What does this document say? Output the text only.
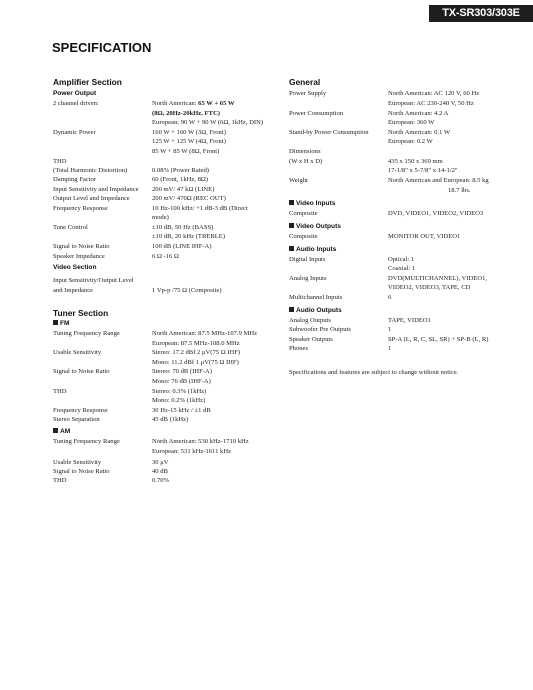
TX-SR303/303E
SPECIFICATION
Amplifier Section
Power Output
2 channel driven:	North American: 65 W + 65 W
(8Ω, 20Hz-20kHz, FTC)
European: 90 W + 90 W (6Ω, 1kHz, DIN)
Dynamic Power	160 W + 160 W (3Ω, Front)
125 W + 125 W (4Ω, Front)
85 W + 85 W (8Ω, Front)
THD
(Total Harmonic Distortion)	0.08% (Power Rated)
Damping Factor	60 (Front, 1kHz, 8Ω)
Input Sensitivity and Impedance 200 mV/ 47 kΩ (LINE)
Output Level and Impedance	200 mV/ 470Ω (REC OUT)
Frequency Response	10 Hz-100 kHz/ +1 dB-3 dB (Direct
mode)
Tone Control	±10 dB, 50 Hz (BASS)
±10 dB, 20 kHz (TREBLE)
Signal to Noise Ratio	100 dB (LINE IHF-A)
Speaker Impedance	6 Ω -16 Ω
Video Section
Input Sensitivity/Output Level
and Impedance	1 Vp-p /75 Ω (Composite)
Tuner Section
FM
Tuning Frequency Range	North American: 87.5 MHz-107.9 MHz
European: 87.5 MHz-108.0 MHz
Usable Sensitivity	Stereo: 17.2 dBf 2 μV(75 Ω IHF)
Mono: 11.2 dBf 1 μV(75 Ω IHF)
Signal to Noise Ratio	Stereo: 70 dB (IHF-A)
Mono: 76 dB (IHF-A)
THD	Stereo: 0.3% (1kHz)
Mono: 0.2% (1kHz)
Frequency Response	30 Hz-15 kHz / ±1 dB
Stereo Separation	45 dB (1kHz)
AM
Tuning Frequency Range	North American: 530 kHz-1710 kHz
European: 531 kHz-1611 kHz
Usable Sensitivity	30 μV
Signal to Noise Ratio	40 dB
THD	0.70%
General
Power Supply	North American: AC 120 V, 60 Hz
European: AC 230-240 V, 50 Hz
Power Consumption	North American: 4.2 A
European: 360 W
Stand-by Power Consumption	North American: 0.1 W
European: 0.2 W
Dimensions
(W x H x D)	435 x 150 x 369 mm
17-1/8" x 5-7/8" x 14-1/2"
Weight	North American and European: 8.5 kg
18.7 lbs.
Video Inputs
Composite	DVD, VIDEO1, VIDEO2, VIDEO3
Video Outputs
Composite	MONITOR OUT, VIDEO1
Audio Inputs
Digital Inputs	Optical: 1
Coaxial: 1
Analog Inputs	DVD(MULTICHANNEL), VIDEO1,
VIDEO2, VIDEO3, TAPE, CD
Multichannel Inputs	6
Audio Outputs
Analog Outputs	TAPE, VIDEO1
Subwoofer Pre Outputs	1
Speaker Outputs	SP-A (L, R, C, SL, SR) + SP-B (L, R)
Phones	1
Specifications and features are subject to change without notice.
